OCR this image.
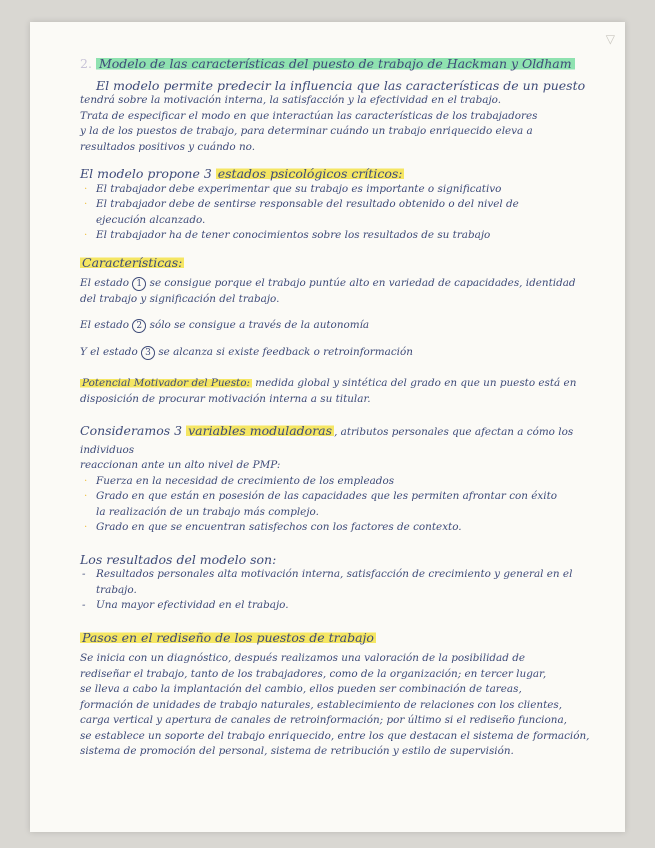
▽

2. Modelo de las características del puesto de trabajo de Hackman y Oldham

El modelo permite predecir la influencia que las características de un puesto

tendrá sobre la motivación interna, la satisfacción y la efectividad en el trabajo.

Trata de especificar el modo en que interactúan las características de los trabajadores

y la de los puestos de trabajo, para determinar cuándo un trabajo enriquecido eleva a

resultados positivos y cuándo no.

El modelo propone 3 estados psicológicos críticos:

· El trabajador debe experimentar que su trabajo es importante o significativo
· El trabajador debe de sentirse responsable del resultado obtenido o del nivel de
ejecución alcanzado.
· El trabajador ha de tener conocimientos sobre los resultados de su trabajo

Características:

El estado 1 se consigue porque el trabajo puntúe alto en variedad de capacidades, identidad

del trabajo y significación del trabajo.

El estado 2 sólo se consigue a través de la autonomía

Y el estado 3 se alcanza si existe feedback o retroinformación

Potencial Motivador del Puesto: medida global y sintética del grado en que un puesto está en

disposición de procurar motivación interna a su titular.

Consideramos 3 variables moduladoras , atributos personales que afectan a cómo los individuos

reaccionan ante un alto nivel de PMP:

· Fuerza en la necesidad de crecimiento de los empleados
· Grado en que están en posesión de las capacidades que les permiten afrontar con éxito
la realización de un trabajo más complejo.
· Grado en que se encuentran satisfechos con los factores de contexto.

Los resultados del modelo son:

- Resultados personales alta motivación interna, satisfacción de crecimiento y general en el trabajo.
- Una mayor efectividad en el trabajo.

Pasos en el rediseño de los puestos de trabajo

Se inicia con un diagnóstico, después realizamos una valoración de la posibilidad de

rediseñar el trabajo, tanto de los trabajadores, como de la organización; en tercer lugar,

se lleva a cabo la implantación del cambio, ellos pueden ser combinación de tareas,

formación de unidades de trabajo naturales, establecimiento de relaciones con los clientes,

carga vertical y apertura de canales de retroinformación; por último si el rediseño funciona,

se establece un soporte del trabajo enriquecido, entre los que destacan el sistema de formación,

sistema de promoción del personal, sistema de retribución y estilo de supervisión.
